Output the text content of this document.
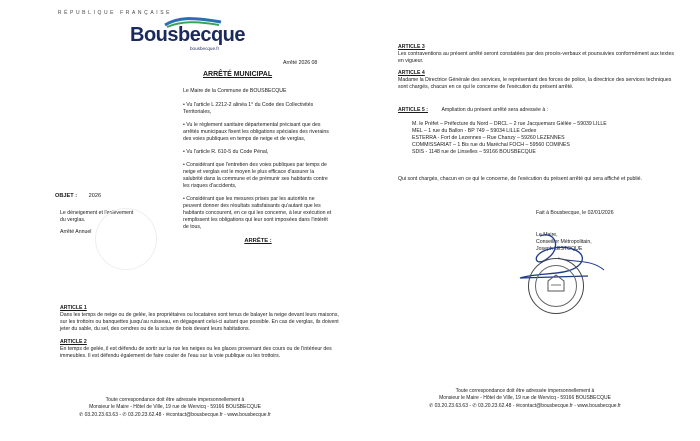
RÉPUBLIQUE FRANÇAISE
Bousbecque
bousbecque.fr
Arrêté 2026 08
ARRÊTÉ MUNICIPAL
OBJET : 2026
Le déneigement et l'enlèvement du verglas.
Arrêté Annuel
Le Maire de la Commune de BOUSBECQUE
• Vu l'article L 2212-2 alinéa 1° du Code des Collectivités Territoriales,
• Vu le règlement sanitaire départemental précisant que des arrêtés municipaux fixent les obligations spéciales des riverains des voies publiques en temps de neige et de verglas,
• Vu l'article R. 610-5 du Code Pénal,
• Considérant que l'entretien des voies publiques par temps de neige et verglas est le moyen le plus efficace d'assurer la salubrité dans la commune et de prémunir ses habitants contre les risques d'accidents,
• Considérant que les mesures prises par les autorités ne peuvent donner des résultats satisfaisants qu'autant que les habitants concourent, en ce qui les concerne, à leur exécution et remplissent les obligations qui leur sont imposées dans l'intérêt de tous,
ARRÊTE :
ARTICLE 1
Dans les temps de neige ou de gelée, les propriétaires ou locataires sont tenus de balayer la neige devant leurs maisons, sur les trottoirs ou banquettes jusqu'au ruisseau, en dégageant celui-ci autant que possible. En cas de verglas, ils doivent jeter du sable, du sel, des cendres ou de la sciure de bois devant leurs habitations.
ARTICLE 2
En temps de gelée, il est défendu de sortir sur la rue les neiges ou les glaces provenant des cours ou de l'intérieur des immeubles. Il est défendu également de faire couler de l'eau sur la voie publique ou les trottoirs.
Toute correspondance doit être adressée impersonnellement à
Monsieur le Maire - Hôtel de Ville, 19 rue de Wervicq - 59166 BOUSBECQUE
✆ 03.20.23.63.63 - ✆ 03.20.23.62.48 - ✉contact@bousbecque.fr - www.bousbecque.fr
ARTICLE 3
Les contraventions au présent arrêté seront constatées par des procès-verbaux et poursuivies conformément aux textes en vigueur.
ARTICLE 4
Madame la Directrice Générale des services, le représentant des forces de police, la directrice des services techniques sont chargés, chacun en ce qui le concerne de l'exécution du présent arrêté.
ARTICLE 5 :	Ampliation du présent arrêté sera adressée à :
M. le Préfet – Préfecture du Nord – DRCL – 2 rue Jacquemars Giélée – 59039 LILLE
MEL – 1 rue du Ballon - BP 749 – 59034 LILLE Cedex
ESTERRA - Fort de Lezennes – Rue Chanzy – 59260 LEZENNES
COMMISSARIAT – 1 Bis rue du Maréchal FOCH – 59560 COMINES
SDIS - 1148 rue de Linselles – 59166 BOUSBECQUE
Qui sont chargés, chacun en ce qui le concerne, de l'exécution du présent arrêté qui sera affiché et publié.
Fait à Bousbecque, le 02/01/2026
Le Maire,
Conseiller Métropolitain,
Joseph LESTOQUE
Toute correspondance doit être adressée impersonnellement à
Monsieur le Maire - Hôtel de Ville, 19 rue de Wervicq - 59166 BOUSBECQUE
✆ 03.20.23.63.63 - ✆ 03.20.23.62.48 - ✉contact@bousbecque.fr - www.bousbecque.fr
